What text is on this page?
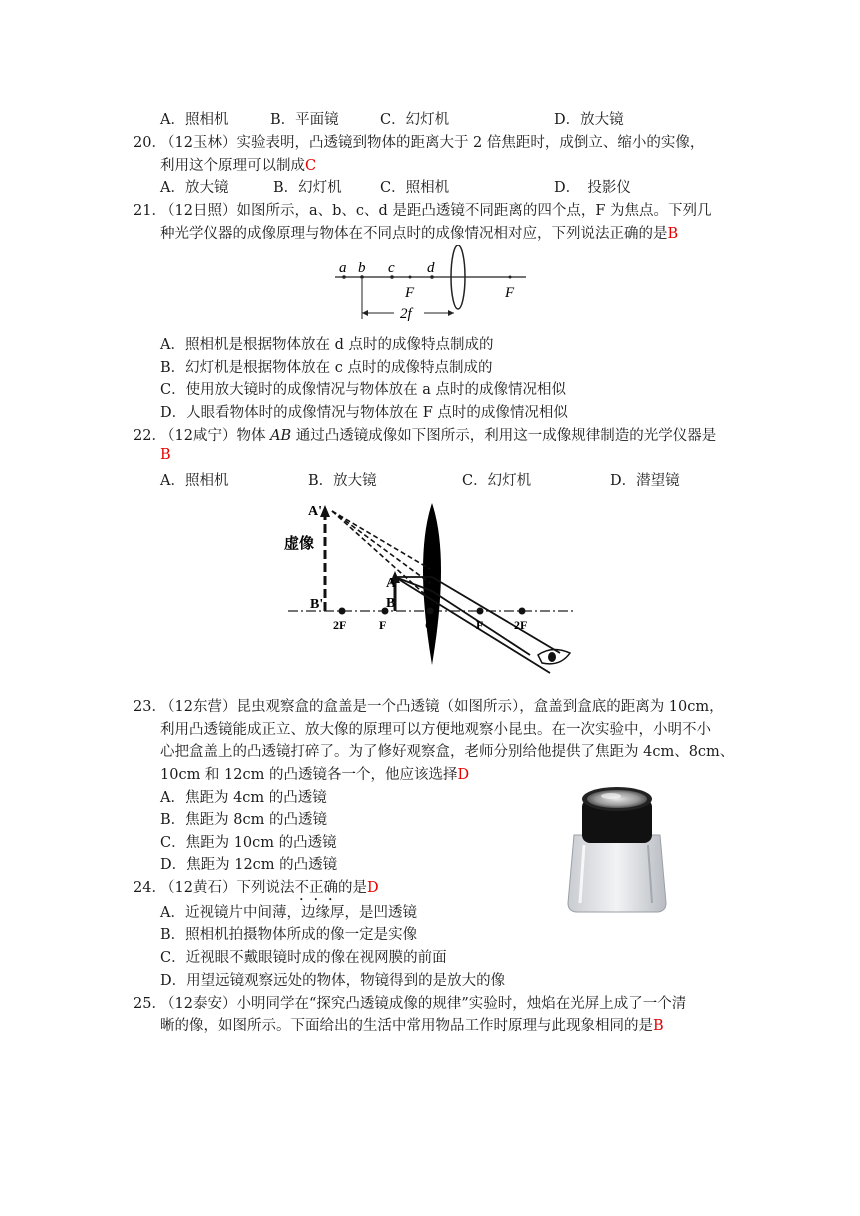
A．照相机	B．平面镜	C．幻灯机	D．放大镜
20．
（12玉林）实验表明，凸透镜到物体的距离大于 2 倍焦距时，成倒立、缩小的实像，
利用这个原理可以制成C
A．放大镜	B．幻灯机	C．照相机	D．　投影仪
21．
（12日照）如图所示，a、b、c、d 是距凸透镜不同距离的四个点，F 为焦点。下列几
种光学仪器的成像原理与物体在不同点时的成像情况相对应，下列说法正确的是B
a b c d
F	F
2f
A．照相机是根据物体放在 d 点时的成像特点制成的
B．幻灯机是根据物体放在 c 点时的成像特点制成的
C．使用放大镜时的成像情况与物体放在 a 点时的成像情况相似
D．人眼看物体时的成像情况与物体放在 F 点时的成像情况相似
22．
（12咸宁）物体 AB 通过凸透镜成像如下图所示，利用这一成像规律制造的光学仪器是
B
A．照相机	B．放大镜	C．幻灯机	D．潜望镜
A'
B'
虚像
A
B
2F	F	O	F	2F
23．
（12东营）昆虫观察盒的盒盖是一个凸透镜（如图所示），盒盖到盒底的距离为 10cm，
利用凸透镜能成正立、放大像的原理可以方便地观察小昆虫。在一次实验中，小明不小
心把盒盖上的凸透镜打碎了。为了修好观察盒，老师分别给他提供了焦距为 4cm、8cm、
10cm 和 12cm 的凸透镜各一个，他应该选择D
A．焦距为 4cm 的凸透镜
B．焦距为 8cm 的凸透镜
C．焦距为 10cm 的凸透镜
D．焦距为 12cm 的凸透镜
24．
（12黄石）下列说法不正确的是D
A．近视镜片中间薄，边缘厚，是凹透镜
B．照相机拍摄物体所成的像一定是实像
C．近视眼不戴眼镜时成的像在视网膜的前面
D．用望远镜观察远处的物体，物镜得到的是放大的像
25．
（12泰安）小明同学在“探究凸透镜成像的规律”实验时，烛焰在光屏上成了一个清
晰的像，如图所示。下面给出的生活中常用物品工作时原理与此现象相同的是B
